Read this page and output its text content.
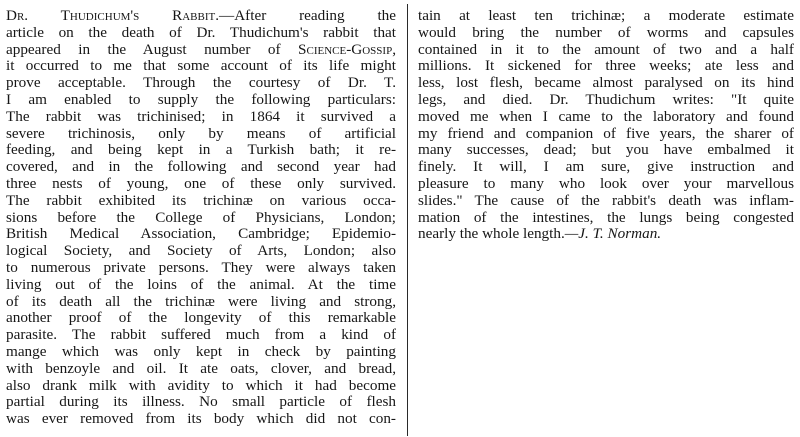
Dr. Thudichum's Rabbit.—After reading the
article on the death of Dr. Thudichum's rabbit that
appeared in the August number of Science-Gossip,
it occurred to me that some account of its life might
prove acceptable. Through the courtesy of Dr. T.
I am enabled to supply the following particulars:
The rabbit was trichinised; in 1864 it survived a
severe trichinosis, only by means of artificial
feeding, and being kept in a Turkish bath; it re-
covered, and in the following and second year had
three nests of young, one of these only survived.
The rabbit exhibited its trichinæ on various occa-
sions before the College of Physicians, London;
British Medical Association, Cambridge; Epidemio-
logical Society, and Society of Arts, London; also
to numerous private persons. They were always taken
living out of the loins of the animal. At the time
of its death all the trichinæ were living and strong,
another proof of the longevity of this remarkable
parasite. The rabbit suffered much from a kind of
mange which was only kept in check by painting
with benzoyle and oil. It ate oats, clover, and bread,
also drank milk with avidity to which it had become
partial during its illness. No small particle of flesh
was ever removed from its body which did not con-
tain at least ten trichinæ; a moderate estimate
would bring the number of worms and capsules
contained in it to the amount of two and a half
millions. It sickened for three weeks; ate less and
less, lost flesh, became almost paralysed on its hind
legs, and died. Dr. Thudichum writes: "It quite
moved me when I came to the laboratory and found
my friend and companion of five years, the sharer of
many successes, dead; but you have embalmed it
finely. It will, I am sure, give instruction and
pleasure to many who look over your marvellous
slides." The cause of the rabbit's death was inflam-
mation of the intestines, the lungs being congested
nearly the whole length.—J. T. Norman.
